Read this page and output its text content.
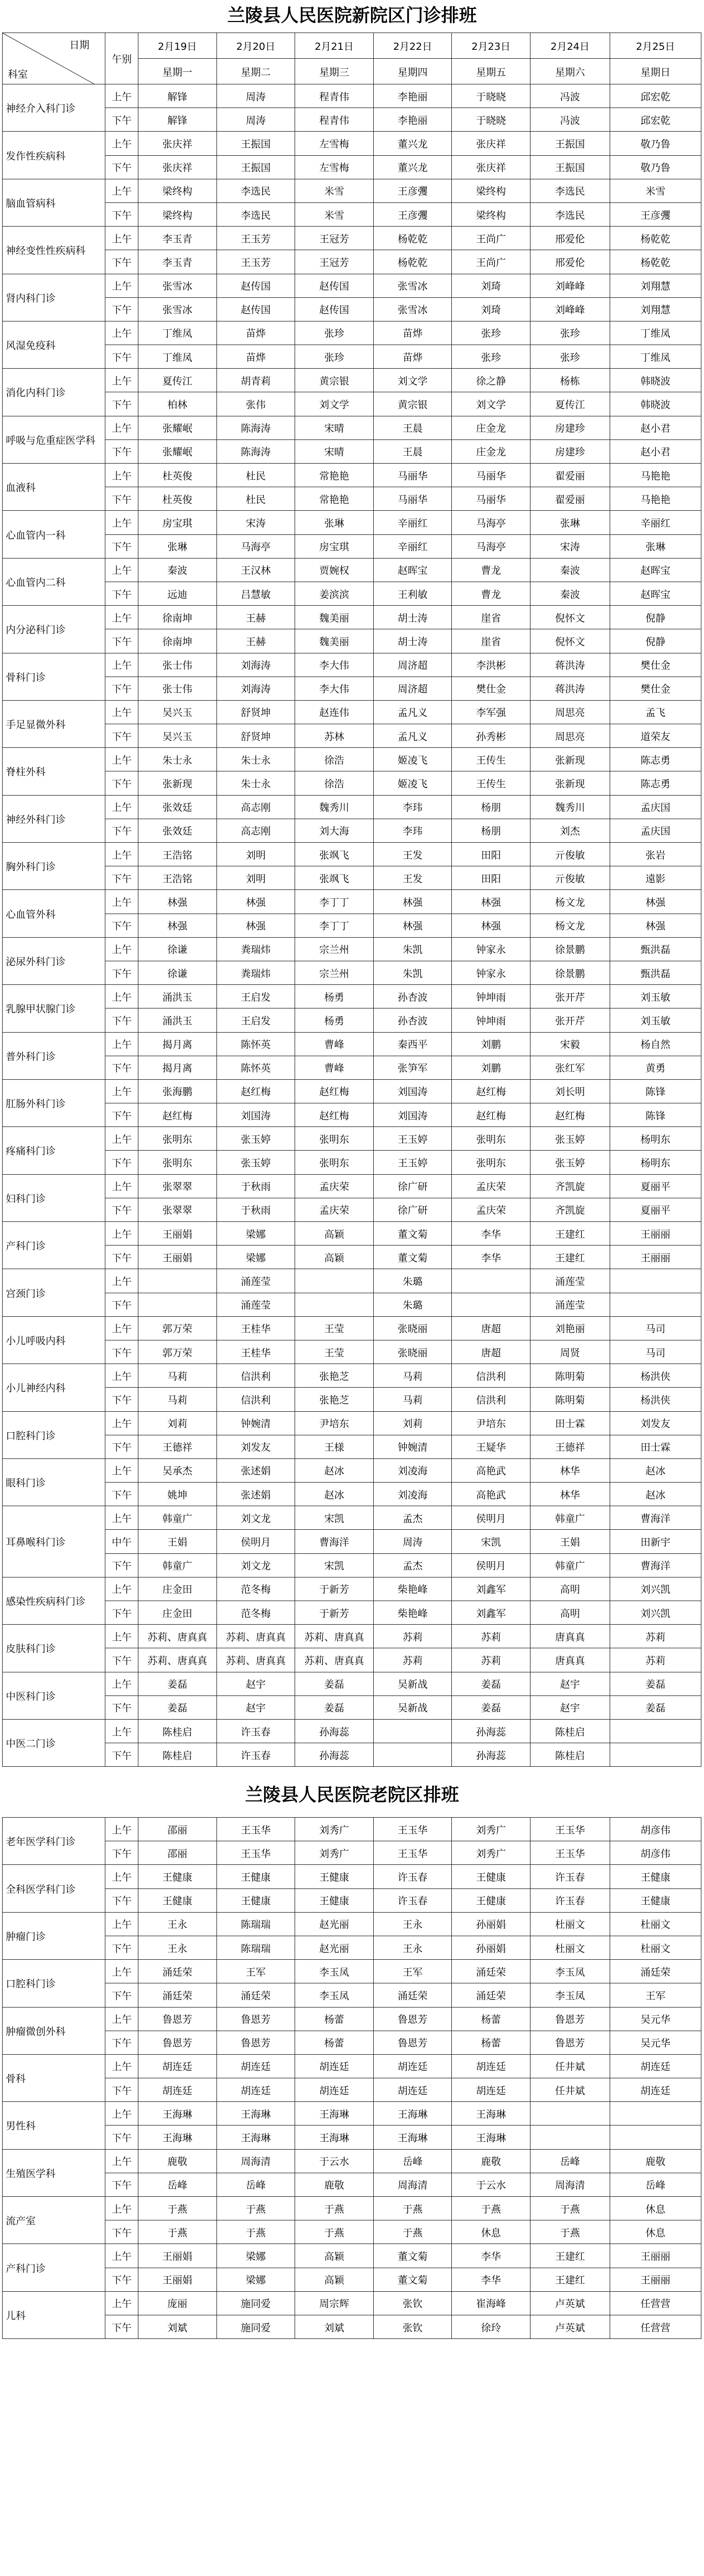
兰陵县人民医院新院区门诊排班
日期
科室	午别	2月19日	2月20日	2月21日	2月22日	2月23日	2月24日	2月25日
		星期一	星期二	星期三	星期四	星期五	星期六	星期日
神经介入科门诊	上午	解锋	周涛	程青伟	李艳丽	于晓晓	冯波	邱宏乾
	下午	解锋	周涛	程青伟	李艳丽	于晓晓	冯波	邱宏乾
发作性疾病科	上午	张庆祥	王振国	左雪梅	董兴龙	张庆祥	王振国	敬乃鲁
	下午	张庆祥	王振国	左雪梅	董兴龙	张庆祥	王振国	敬乃鲁
脑血管病科	上午	梁终构	李选民	米雪	王彦彏	梁终构	李选民	米雪
	下午	梁终构	李选民	米雪	王彦彏	梁终构	李选民	王彦彏
神经变性性疾病科	上午	李玉青	王玉芳	王冠芳	杨乾乾	王尚广	邢爱伦	杨乾乾
	下午	李玉青	王玉芳	王冠芳	杨乾乾	王尚广	邢爱伦	杨乾乾
肾内科门诊	上午	张雪冰	赵传国	赵传国	张雪冰	刘琦	刘峰峰	刘翔慧
	下午	张雪冰	赵传国	赵传国	张雪冰	刘琦	刘峰峰	刘翔慧
风湿免疫科	上午	丁维凤	苗烨	张珍	苗烨	张珍	张珍	丁维凤
	下午	丁维凤	苗烨	张珍	苗烨	张珍	张珍	丁维凤
消化内科门诊	上午	夏传江	胡青莉	黄宗银	刘文学	徐之静	杨栋	韩晓波
	下午	柏林	张伟	刘文学	黄宗银	刘文学	夏传江	韩晓波
呼吸与危重症医学科	上午	张耀岷	陈海涛	宋晴	王晨	庄金龙	房建珍	赵小君
	下午	张耀岷	陈海涛	宋晴	王晨	庄金龙	房建珍	赵小君
血液科	上午	杜英俊	杜民	常艳艳	马丽华	马丽华	翟爱丽	马艳艳
	下午	杜英俊	杜民	常艳艳	马丽华	马丽华	翟爱丽	马艳艳
心血管内一科	上午	房宝琪	宋涛	张琳	辛丽红	马海亭	张琳	辛丽红
	下午	张琳	马海亭	房宝琪	辛丽红	马海亭	宋涛	张琳
心血管内二科	上午	秦波	王汉林	贾婉权	赵晖宝	曹龙	秦波	赵晖宝
	下午	远迪	吕慧敏	姜滨滨	王利敏	曹龙	秦波	赵晖宝
内分泌科门诊	上午	徐南坤	王赫	魏美丽	胡士涛	崖省	倪怀文	倪静
	下午	徐南坤	王赫	魏美丽	胡士涛	崖省	倪怀文	倪静
骨科门诊	上午	张士伟	刘海涛	李大伟	周济超	李洪彬	蒋洪涛	樊仕金
	下午	张士伟	刘海涛	李大伟	周济超	樊仕金	蒋洪涛	樊仕金
手足显微外科	上午	吴兴玉	舒贤坤	赵连伟	孟凡义	李军强	周思亮	孟飞
	下午	吴兴玉	舒贤坤	苏林	孟凡义	孙秀彬	周思亮	道荣友
脊柱外科	上午	朱士永	朱士永	徐浩	姬凌飞	王传生	张新现	陈志勇
	下午	张新现	朱士永	徐浩	姬凌飞	王传生	张新现	陈志勇
神经外科门诊	上午	张效廷	高志刚	魏秀川	李玮	杨朋	魏秀川	孟庆国
	下午	张效廷	高志刚	刘大海	李玮	杨朋	刘杰	孟庆国
胸外科门诊	上午	王浩铭	刘明	张飒飞	王发	田阳	亓俊敏	张岩
	下午	王浩铭	刘明	张飒飞	王发	田阳	亓俊敏	遠影
心血管外科	上午	林强	林强	李丁丁	林强	林强	杨文龙	林强
	下午	林强	林强	李丁丁	林强	林强	杨文龙	林强
泌尿外科门诊	上午	徐谦	粪瑞炜	宗兰州	朱凯	钟家永	徐景鹏	甄洪磊
	下午	徐谦	粪瑞炜	宗兰州	朱凯	钟家永	徐景鹏	甄洪磊
乳腺甲状腺门诊	上午	涌洪玉	王启发	杨勇	孙杏波	钟坤雨	张开芹	刘玉敏
	下午	涌洪玉	王启发	杨勇	孙杏波	钟坤雨	张开芹	刘玉敏
普外科门诊	上午	揭月离	陈怀英	曹峰	秦西平	刘鹏	宋毅	杨自然
	下午	揭月离	陈怀英	曹峰	张笋军	刘鹏	张红军	黄勇
肛肠外科门诊	上午	张海鹏	赵红梅	赵红梅	刘国涛	赵红梅	刘长明	陈锋
	下午	赵红梅	刘国涛	赵红梅	刘国涛	赵红梅	赵红梅	陈锋
疼痛科门诊	上午	张明东	张玉婷	张明东	王玉婷	张明东	张玉婷	杨明东
	下午	张明东	张玉婷	张明东	王玉婷	张明东	张玉婷	杨明东
妇科门诊	上午	张翠翠	于秋雨	孟庆荣	徐广研	孟庆荣	齐凯旋	夏丽平
	下午	张翠翠	于秋雨	孟庆荣	徐广研	孟庆荣	齐凯旋	夏丽平
产科门诊	上午	王丽娟	梁娜	高颖	董文菊	李华	王建红	王丽丽
	下午	王丽娟	梁娜	高颖	董文菊	李华	王建红	王丽丽
宫颈门诊	上午		涌莲莹		朱璐		涌莲莹	
	下午		涌莲莹		朱璐		涌莲莹	
小儿呼吸内科	上午	郭万荣	王桂华	王莹	张晓丽	唐超	刘艳丽	马司
	下午	郭万荣	王桂华	王莹	张晓丽	唐超	周贤	马司
小儿神经内科	上午	马莉	信洪利	张艳芝	马莉	信洪利	陈明菊	杨洪侠
	下午	马莉	信洪利	张艳芝	马莉	信洪利	陈明菊	杨洪侠
口腔科门诊	上午	刘莉	钟婉清	尹培东	刘莉	尹培东	田士霖	刘发友
	下午	王德祥	刘发友	王様	钟婉清	王疑华	王德祥	田士霖
眼科门诊	上午	吴承杰	张述娟	赵冰	刘凌海	高艳武	林华	赵冰
	下午	姚坤	张述娟	赵冰	刘凌海	高艳武	林华	赵冰
耳鼻喉科门诊	上午	韩童广	刘文龙	宋凯	孟杰	侯明月	韩童广	曹海洋
	中午	王娟	侯明月	曹海洋	周涛	宋凯	王娟	田新宇
	下午	韩童广	刘文龙	宋凯	孟杰	侯明月	韩童广	曹海洋
感染性疾病科门诊	上午	庄金田	范冬梅	于新芳	柴艳峰	刘鑫军	高明	刘兴凯
	下午	庄金田	范冬梅	于新芳	柴艳峰	刘鑫军	高明	刘兴凯
皮肤科门诊	上午	苏莉、唐真真	苏莉、唐真真	苏莉、唐真真	苏莉	苏莉	唐真真	苏莉
	下午	苏莉、唐真真	苏莉、唐真真	苏莉、唐真真	苏莉	苏莉	唐真真	苏莉
中医科门诊	上午	姜磊	赵宇	姜磊	吴新战	姜磊	赵宇	姜磊
	下午	姜磊	赵宇	姜磊	吴新战	姜磊	赵宇	姜磊
中医二门诊	上午	陈桂启	许玉春	孙海蕊		孙海蕊	陈桂启	
	下午	陈桂启	许玉春	孙海蕊		孙海蕊	陈桂启	
兰陵县人民医院老院区排班
老年医学科门诊	上午	邵丽	王玉华	刘秀广	王玉华	刘秀广	王玉华	胡彦伟
	下午	邵丽	王玉华	刘秀广	王玉华	刘秀广	王玉华	胡彦伟
全科医学科门诊	上午	王健康	王健康	王健康	许玉春	王健康	许玉春	王健康
	下午	王健康	王健康	王健康	许玉春	王健康	许玉春	王健康
肿瘤门诊	上午	王永	陈瑞瑞	赵光丽	王永	孙丽娟	杜丽文	杜丽文
	下午	王永	陈瑞瑞	赵光丽	王永	孙丽娟	杜丽文	杜丽文
口腔科门诊	上午	涌廷荣	王军	李玉凤	王军	涌廷荣	李玉凤	涌廷荣
	下午	涌廷荣	涌廷荣	李玉凤	涌廷荣	涌廷荣	李玉凤	王军
肿瘤微创外科	上午	鲁恩芳	鲁恩芳	杨蕾	鲁恩芳	杨蕾	鲁恩芳	吴元华
	下午	鲁恩芳	鲁恩芳	杨蕾	鲁恩芳	杨蕾	鲁恩芳	吴元华
骨科	上午	胡连廷	胡连廷	胡连廷	胡连廷	胡连廷	任井斌	胡连廷
	下午	胡连廷	胡连廷	胡连廷	胡连廷	胡连廷	任井斌	胡连廷
男性科	上午	王海琳	王海琳	王海琳	王海琳	王海琳		
	下午	王海琳	王海琳	王海琳	王海琳	王海琳		
生殖医学科	上午	鹿敬	周海清	于云水	岳峰	鹿敬	岳峰	鹿敬
	下午	岳峰	岳峰	鹿敬	周海清	于云水	周海清	岳峰
流产室	上午	于燕	于燕	于燕	于燕	于燕	于燕	休息
	下午	于燕	于燕	于燕	于燕	休息	于燕	休息
产科门诊	上午	王丽娟	梁娜	高颖	董文菊	李华	王建红	王丽丽
	下午	王丽娟	梁娜	高颖	董文菊	李华	王建红	王丽丽
儿科	上午	庞丽	施同爱	周宗辉	张钦	崔海峰	卢英斌	任营营
	下午	刘斌	施同爱	刘斌	张钦	徐玲	卢英斌	任营营
